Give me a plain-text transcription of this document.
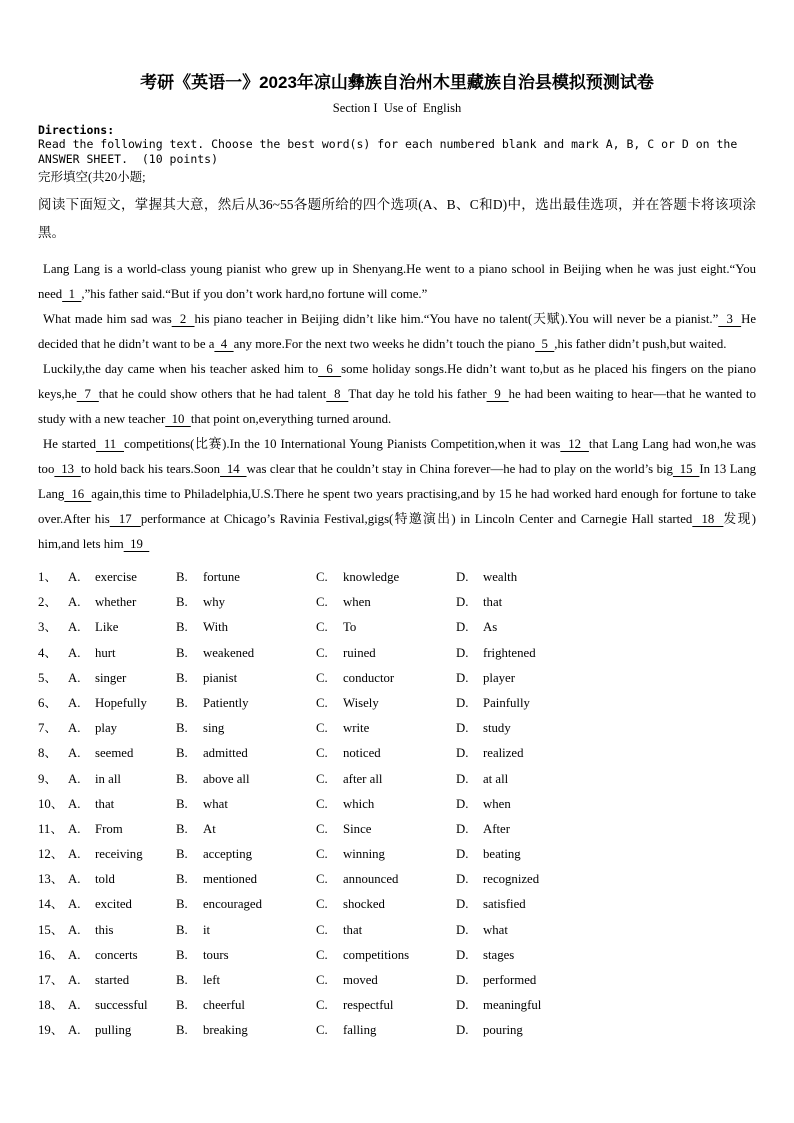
考研《英语一》2023年凉山彝族自治州木里藏族自治县模拟预测试卷
Section I  Use of  English
Directions:
Read the following text. Choose the best word(s) for each numbered blank and mark A, B, C or D on the ANSWER SHEET.  (10 points)
完形填空(共20小题;
阅读下面短文，掌握其大意，然后从36~55各题所给的四个选项(A、B、C和D)中，选出最佳选项，并在答题卡将该项涂黑。

Lang Lang is a world-class young pianist who grew up in Shenyang.He went to a piano school in Beijing when he was just eight.“You need  1  ,”his father said.“But if you don’t work hard,no fortune will come.”

What made him sad was  2  his piano teacher in Beijing didn’t like him.“You have no talent(天赋).You will never be a pianist.”  3  He decided that he didn’t want to be a  4  any more.For the next two weeks he didn’t touch the piano  5  ,his father didn’t push,but waited.

Luckily,the day came when his teacher asked him to  6  some holiday songs.He didn’t want to,but as he placed his fingers on the piano keys,he  7  that he could show others that he had talent  8  That day he told his father  9  he had been waiting to hear—that he wanted to study with a new teacher  10  that point on,everything turned around.

He started  11  competitions(比赛).In the 10 International Young Pianists Competition,when it was  12  that Lang Lang had won,he was too  13  to hold back his tears.Soon  14  was clear that he couldn’t stay in China forever—he had to play on the world’s big  15  In 13 Lang Lang  16  again,this time to Philadelphia,U.S.There he spent two years practising,and by 15 he had worked hard enough for fortune to take over.After his  17  performance at Chicago’s Ravinia Festival,gigs(特邀演出) in Lincoln Center and Carnegie Hall started  18  发现) him,and lets him  19

1、 A. exercise	B. fortune	C. knowledge	D. wealth
2、 A. whether	B. why	C. when	D. that
3、 A. Like	B. With	C. To	D. As
4、 A. hurt	B. weakened	C. ruined	D. frightened
5、 A. singer	B. pianist	C. conductor	D. player
6、 A. Hopefully	B. Patiently	C. Wisely	D. Painfully
7、 A. play	B. sing	C. write	D. study
8、 A. seemed	B. admitted	C. noticed	D. realized
9、 A. in all	B. above all	C. after all	D. at all
10、 A. that	B. what	C. which	D. when
11、 A. From	B. At	C. Since	D. After
12、 A. receiving	B. accepting	C. winning	D. beating
13、 A. told	B. mentioned	C. announced	D. recognized
14、 A. excited	B. encouraged	C. shocked	D. satisfied
15、 A. this	B. it	C. that	D. what
16、 A. concerts	B. tours	C. competitions	D. stages
17、 A. started	B. left	C. moved	D. performed
18、 A. successful	B. cheerful	C. respectful	D. meaningful
19、 A. pulling	B. breaking	C. falling	D. pouring
